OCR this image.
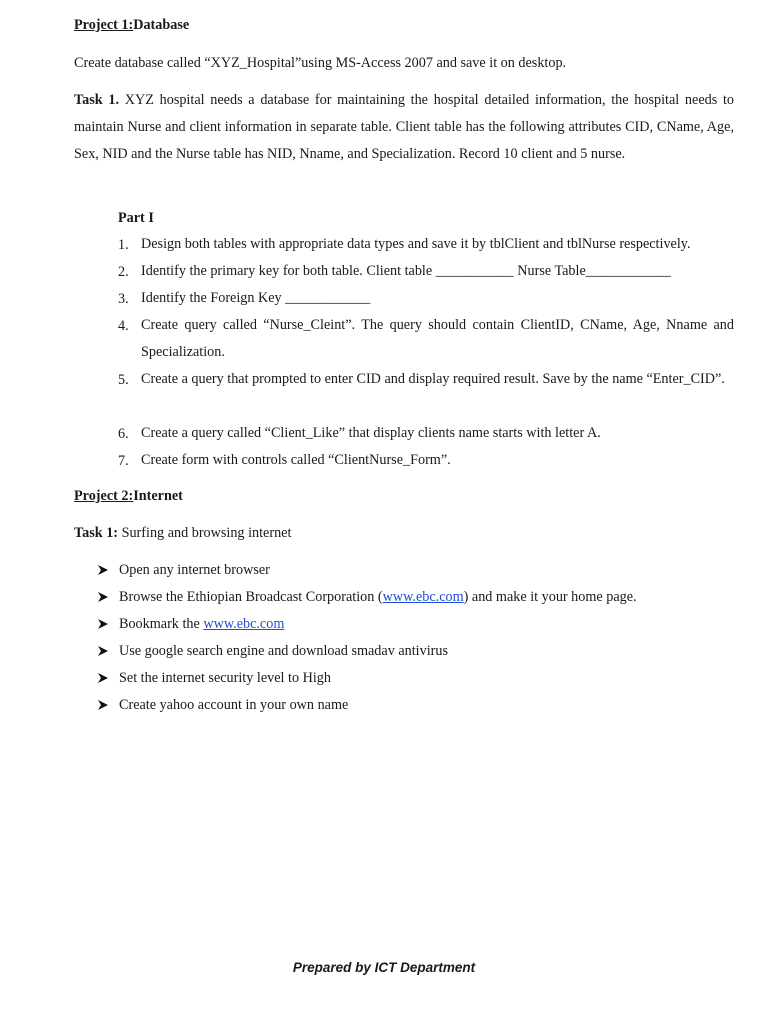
Project 1:Database
Create database called “XYZ_Hospital”using MS-Access 2007 and save it on desktop.
Task 1. XYZ hospital needs a database for maintaining the hospital detailed information, the hospital needs to maintain Nurse and client information in separate table. Client table has the following attributes CID, CName, Age, Sex, NID and the Nurse table has NID, Nname, and Specialization. Record 10 client and 5 nurse.
Part I
1. Design both tables with appropriate data types and save it by tblClient and tblNurse respectively.
2. Identify the primary key for both table. Client table ___________ Nurse Table____________
3. Identify the Foreign Key ____________
4. Create query called “Nurse_Cleint”. The query should contain ClientID, CName, Age, Nname and Specialization.
5. Create a query that prompted to enter CID and display required result. Save by the name “Enter_CID”.
6. Create a query called “Client_Like” that display clients name starts with letter A.
7. Create form with controls called “ClientNurse_Form”.
Project 2:Internet
Task 1: Surfing and browsing internet
Open any internet browser
Browse the Ethiopian Broadcast Corporation (www.ebc.com) and make it your home page.
Bookmark the www.ebc.com
Use google search engine and download smadav antivirus
Set the internet security level to High
Create yahoo account in your own name
Prepared by ICT Department
